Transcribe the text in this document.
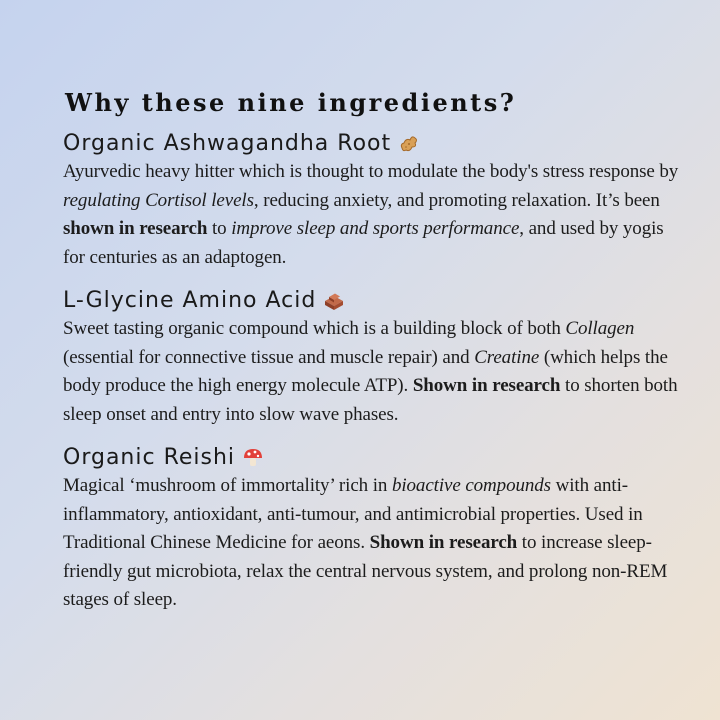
Why these nine ingredients?
Organic Ashwagandha Root

Ayurvedic heavy hitter which is thought to modulate the body's stress response by regulating Cortisol levels, reducing anxiety, and promoting relaxation. It’s been shown in research to improve sleep and sports performance, and used by yogis for centuries as an adaptogen.

L-Glycine Amino Acid

Sweet tasting organic compound which is a building block of both Collagen (essential for connective tissue and muscle repair) and Creatine (which helps the body produce the high energy molecule ATP). Shown in research to shorten both sleep onset and entry into slow wave phases.

Organic Reishi

Magical ‘mushroom of immortality’ rich in bioactive compounds with anti-inflammatory, antioxidant, anti-tumour, and antimicrobial properties. Used in Traditional Chinese Medicine for aeons. Shown in research to increase sleep-friendly gut microbiota, relax the central nervous system, and prolong non-REM stages of sleep.
